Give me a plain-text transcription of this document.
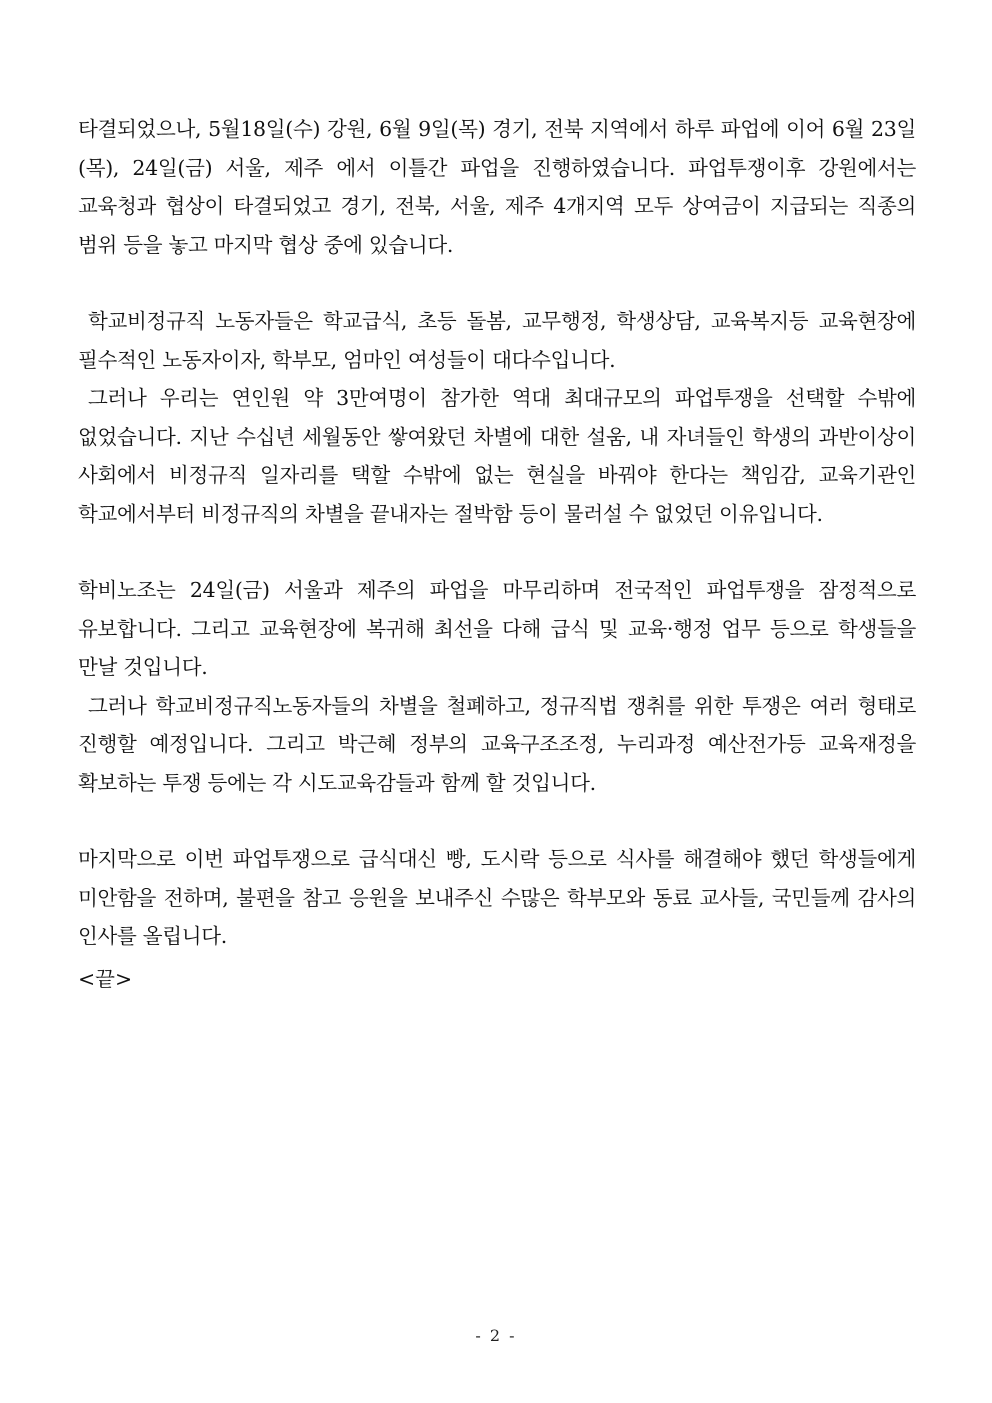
타결되었으나, 5월18일(수) 강원, 6월 9일(목) 경기, 전북 지역에서 하루 파업에 이어 6월 23일(목), 24일(금) 서울, 제주 에서 이틀간 파업을 진행하였습니다. 파업투쟁이후 강원에서는 교육청과 협상이 타결되었고 경기, 전북, 서울, 제주 4개지역 모두 상여금이 지급되는 직종의 범위 등을 놓고 마지막 협상 중에 있습니다.

학교비정규직 노동자들은 학교급식, 초등 돌봄, 교무행정, 학생상담, 교육복지등 교육현장에 필수적인 노동자이자, 학부모, 엄마인 여성들이 대다수입니다.

그러나 우리는 연인원 약 3만여명이 참가한 역대 최대규모의 파업투쟁을 선택할 수밖에 없었습니다. 지난 수십년 세월동안 쌓여왔던 차별에 대한 설움, 내 자녀들인 학생의 과반이상이 사회에서 비정규직 일자리를 택할 수밖에 없는 현실을 바꿔야 한다는 책임감, 교육기관인 학교에서부터 비정규직의 차별을 끝내자는 절박함 등이 물러설 수 없었던 이유입니다.

학비노조는 24일(금) 서울과 제주의 파업을 마무리하며 전국적인 파업투쟁을 잠정적으로 유보합니다. 그리고 교육현장에 복귀해 최선을 다해 급식 및 교육·행정 업무 등으로 학생들을 만날 것입니다.

그러나 학교비정규직노동자들의 차별을 철폐하고, 정규직법 쟁취를 위한 투쟁은 여러 형태로 진행할 예정입니다. 그리고 박근혜 정부의 교육구조조정, 누리과정 예산전가등 교육재정을 확보하는 투쟁 등에는 각 시도교육감들과 함께 할 것입니다.

마지막으로 이번 파업투쟁으로 급식대신 빵, 도시락 등으로 식사를 해결해야 했던 학생들에게 미안함을 전하며, 불편을 참고 응원을 보내주신 수많은 학부모와 동료 교사들, 국민들께 감사의 인사를 올립니다.

<끝>

- 2 -
